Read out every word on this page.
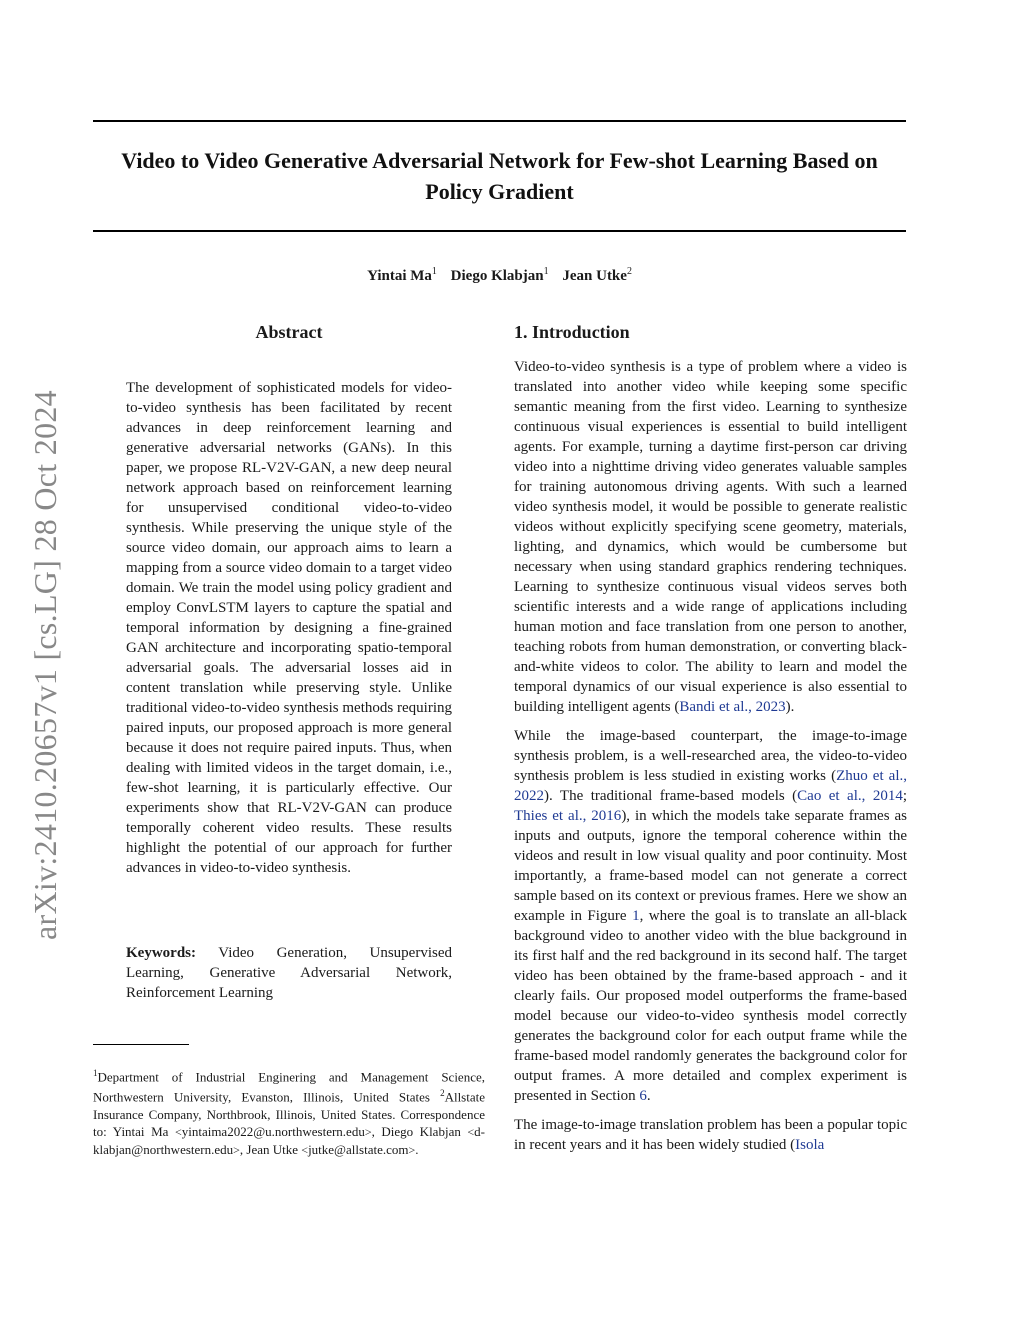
Video to Video Generative Adversarial Network for Few-shot Learning Based on Policy Gradient
Yintai Ma$^1$ Diego Klabjan$^1$ Jean Utke$^2$
arXiv:2410.20657v1 [cs.LG] 28 Oct 2024
Abstract
The development of sophisticated models for video-to-video synthesis has been facilitated by recent advances in deep reinforcement learning and generative adversarial networks (GANs). In this paper, we propose RL-V2V-GAN, a new deep neural network approach based on reinforcement learning for unsupervised conditional video-to-video synthesis. While preserving the unique style of the source video domain, our approach aims to learn a mapping from a source video domain to a target video domain. We train the model using policy gradient and employ ConvLSTM layers to capture the spatial and temporal information by designing a fine-grained GAN architecture and incorporating spatio-temporal adversarial goals. The adversarial losses aid in content translation while preserving style. Unlike traditional video-to-video synthesis methods requiring paired inputs, our proposed approach is more general because it does not require paired inputs. Thus, when dealing with limited videos in the target domain, i.e., few-shot learning, it is particularly effective. Our experiments show that RL-V2V-GAN can produce temporally coherent video results. These results highlight the potential of our approach for further advances in video-to-video synthesis.
Keywords: Video Generation, Unsupervised Learning, Generative Adversarial Network, Reinforcement Learning
$^1$Department of Industrial Enginering and Management Science, Northwestern University, Evanston, Illinois, United States $^2$Allstate Insurance Company, Northbrook, Illinois, United States. Correspondence to: Yintai Ma <yintaima2022@u.northwestern.edu>, Diego Klabjan <d-klabjan@northwestern.edu>, Jean Utke <jutke@allstate.com>.
1. Introduction

Video-to-video synthesis is a type of problem where a video is translated into another video while keeping some specific semantic meaning from the first video. Learning to synthesize continuous visual experiences is essential to build intelligent agents. For example, turning a daytime first-person car driving video into a nighttime driving video generates valuable samples for training autonomous driving agents. With such a learned video synthesis model, it would be possible to generate realistic videos without explicitly specifying scene geometry, materials, lighting, and dynamics, which would be cumbersome but necessary when using standard graphics rendering techniques. Learning to synthesize continuous visual videos serves both scientific interests and a wide range of applications including human motion and face translation from one person to another, teaching robots from human demonstration, or converting black-and-white videos to color. The ability to learn and model the temporal dynamics of our visual experience is also essential to building intelligent agents (Bandi et al., 2023).

While the image-based counterpart, the image-to-image synthesis problem, is a well-researched area, the video-to-video synthesis problem is less studied in existing works (Zhuo et al., 2022). The traditional frame-based models (Cao et al., 2014; Thies et al., 2016), in which the models take separate frames as inputs and outputs, ignore the temporal coherence within the videos and result in low visual quality and poor continuity. Most importantly, a frame-based model can not generate a correct sample based on its context or previous frames. Here we show an example in Figure 1, where the goal is to translate an all-black background video to another video with the blue background in its first half and the red background in its second half. The target video has been obtained by the frame-based approach - and it clearly fails. Our proposed model outperforms the frame-based model because our video-to-video synthesis model correctly generates the background color for each output frame while the frame-based model randomly generates the background color for output frames. A more detailed and complex experiment is presented in Section 6.

The image-to-image translation problem has been a popular topic in recent years and it has been widely studied (Isola
